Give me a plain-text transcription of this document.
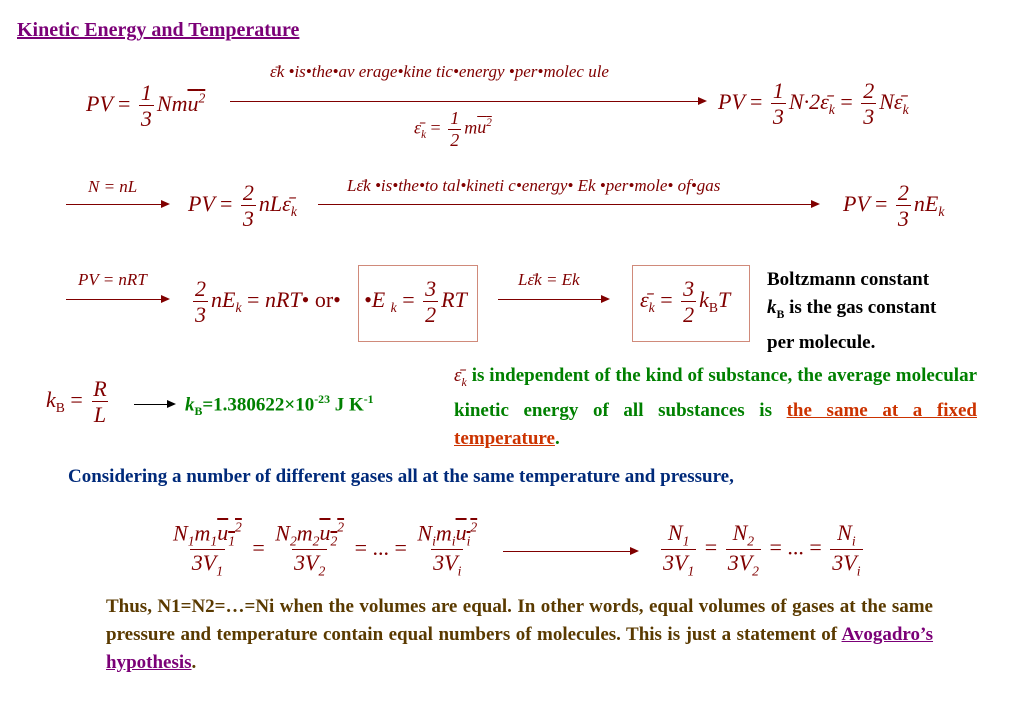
Kinetic Energy and Temperature
PV = $\frac{1}{3} Nmu^2$
ε̄k •is•the•av erage•kine tic•energy •per•molec ule
$\varepsilon̄_k = \frac{1}{2} mu^2$
PV = $\frac{1}{3}$ $N\cdot 2\varepsilon̄_k = \frac{2}{3}$ $N\varepsilon̄_k$
N = nL
PV = $\frac{2}{3}$ $nL\varepsilon̄_k$
Lε̄k •is•the•to tal•kineti c•energy• Ek •per•mole• of•gas
PV = $\frac{2}{3} nE_k$
PV = nRT $\frac{2}{3} nE_k$ = nRT• or• •E $_k = \frac{3}{2}$ RT
Lε̄k = Ek
$\varepsilon̄_k = \frac{3}{2} k_BT$
Boltzmann constant
$k_B$ is the gas constant
per molecule.
$k_B = \frac{R}{L}$	$k_B=1.380622\times 10^{-23}$ J $K^{-1}$
$\varepsilon̄_k$ is independent of the kind of substance, the average molecular kinetic energy of all substances is the same at a fixed temperature.
Considering a number of different gases all at the same temperature and pressure,
$\frac{N_1m_1u_1^2}{3V_1} = \frac{N_2m_2u_2^2}{3V_2}$ = ... = $\frac{N_im_iu_i^2}{3V_i}$	$\frac{N_1}{3V_1} = \frac{N_2}{3V_2}$ = ... = $\frac{N_i}{3V_i}$
Thus, N1=N2=…=Ni when the volumes are equal. In other words, equal volumes of gases at the same pressure and temperature contain equal numbers of molecules. This is just a statement of Avogadro’s hypothesis.
